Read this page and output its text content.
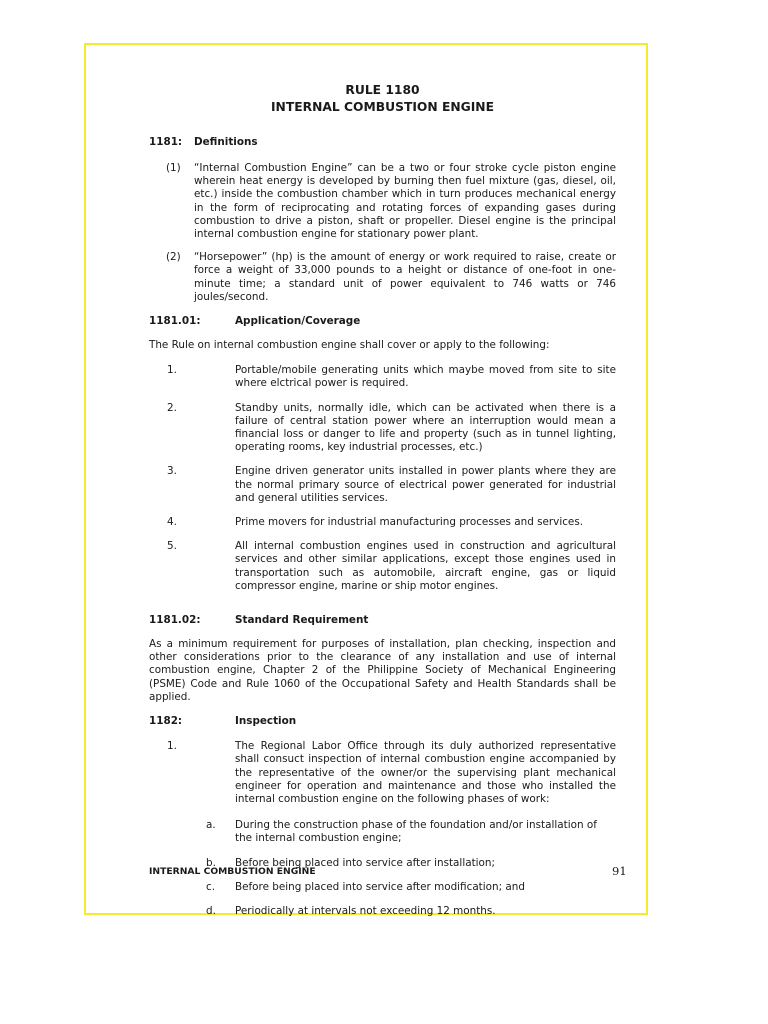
RULE 1180
INTERNAL COMBUSTION ENGINE
1181: Definitions
(1) “Internal Combustion Engine” can be a two or four stroke cycle piston engine wherein heat energy is developed by burning then fuel mixture (gas, diesel, oil, etc.) inside the combustion chamber which in turn produces mechanical energy in the form of reciprocating and rotating forces of expanding gases during combustion to drive a piston, shaft or propeller. Diesel engine is the principal internal combustion engine for stationary power plant.
(2) “Horsepower” (hp) is the amount of energy or work required to raise, create or force a weight of 33,000 pounds to a height or distance of one-foot in one-minute time; a standard unit of power equivalent to 746 watts or 746 joules/second.
1181.01:	Application/Coverage
The Rule on internal combustion engine shall cover or apply to the following:
1.	Portable/mobile generating units which maybe moved from site to site where elctrical power is required.
2.	Standby units, normally idle, which can be activated when there is a failure of central station power where an interruption would mean a financial loss or danger to life and property (such as in tunnel lighting, operating rooms, key industrial processes, etc.)
3.	Engine driven generator units installed in power plants where they are the normal primary source of electrical power generated for industrial and general utilities services.
4.	Prime movers for industrial manufacturing processes and services.
5.	All internal combustion engines used in construction and agricultural services and other similar applications, except those engines used in transportation such as automobile, aircraft engine, gas or liquid compressor engine, marine or ship motor engines.
1181.02:	Standard Requirement
As a minimum requirement for purposes of installation, plan checking, inspection and other considerations prior to the clearance of any installation and use of internal combustion engine, Chapter 2 of the Philippine Society of Mechanical Engineering (PSME) Code and Rule 1060 of the Occupational Safety and Health Standards shall be applied.
1182:	Inspection
1.	The Regional Labor Office through its duly authorized representative shall consuct inspection of internal combustion engine accompanied by the representative of the owner/or the supervising plant mechanical engineer for operation and maintenance and those who installed the internal combustion engine on the following phases of work:
a. During the construction phase of the foundation and/or installation of the internal combustion engine;
b. Before being placed into service after installation;
c. Before being placed into service after modification; and
d. Periodically at intervals not exceeding 12 months.
INTERNAL COMBUSTION ENGINE	91
